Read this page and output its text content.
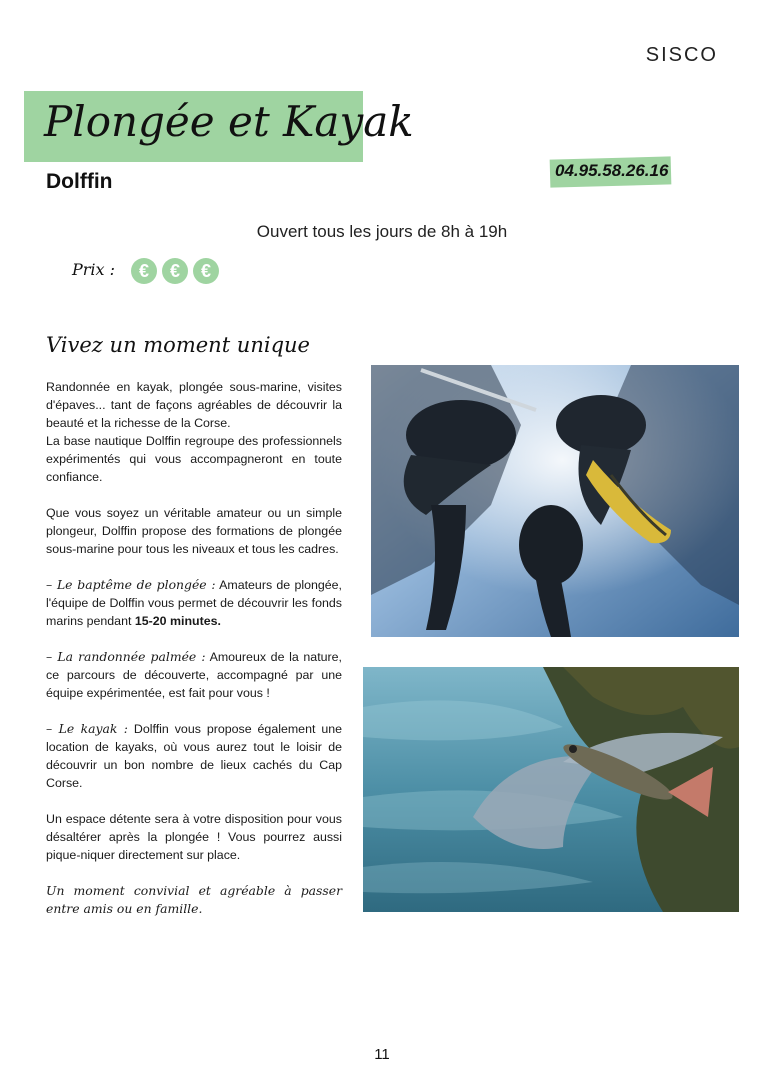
SISCO
Plongée et Kayak
Dolffin	04.95.58.26.16
Ouvert tous les jours de 8h à 19h
Prix :	€	€	€
Vivez un moment unique

Randonnée en kayak, plongée sous-marine, visites d'épaves... tant de façons agréables de découvrir la beauté et la richesse de la Corse.

La base nautique Dolffin regroupe des professionnels expérimentés qui vous accompagneront en toute confiance.

Que vous soyez un véritable amateur ou un simple plongeur, Dolffin propose des formations de plongée sous-marine pour tous les niveaux et tous les cadres.

– Le baptême de plongée : Amateurs de plongée, l'équipe de Dolffin vous permet de découvrir les fonds marins pendant 15-20 minutes.

– La randonnée palmée : Amoureux de la nature, ce parcours de découverte, accompagné par une équipe expérimentée, est fait pour vous !

– Le kayak : Dolffin vous propose également une location de kayaks, où vous aurez tout le loisir de découvrir un bon nombre de lieux cachés du Cap Corse.

Un espace détente sera à votre disposition pour vous désaltérer après la plongée ! Vous pourrez aussi pique-niquer directement sur place.

Un moment convivial et agréable à passer entre amis ou en famille.

11
